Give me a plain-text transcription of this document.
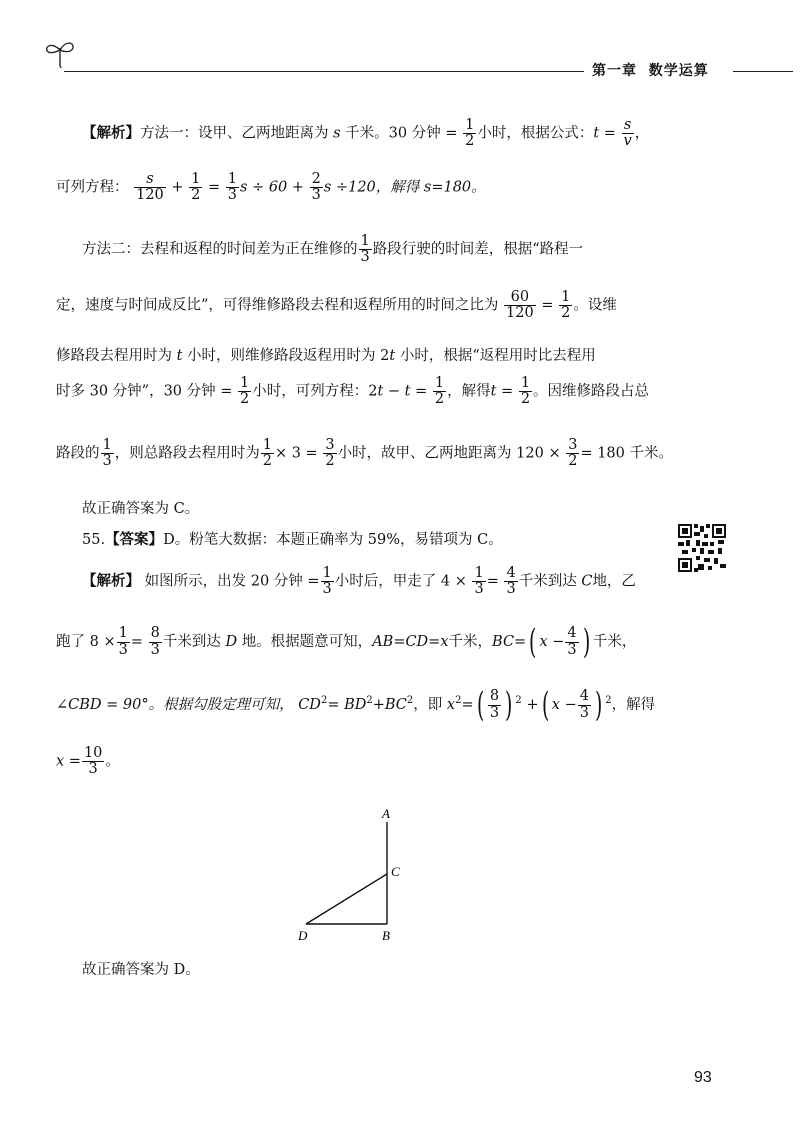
第一章 数学运算
【解析】方法一：设甲、乙两地距离为 s 千米。30 分钟 = $\frac{1}{2}$ 小时，根据公式：$t = \frac{s}{v}$ ，
可列方程： $\frac{s}{120} + \frac{1}{2} = \frac{1}{3}$ $s \div 60 + \frac{2}{3}$ s ÷120，解得 s=180。
方法二：去程和返程的时间差为正在维修的 $\frac{1}{3}$ 路段行驶的时间差，根据“路程一
定，速度与时间成反比”，可得维修路段去程和返程所用的时间之比为 $\frac{60}{120} = \frac{1}{2}$ 。设维
修路段去程用时为 t 小时，则维修路段返程用时为 2t 小时，根据“返程用时比去程用
时多 30 分钟”，30 分钟 = $\frac{1}{2}$ 小时，可列方程：$2t - t = \frac{1}{2}$ ，解得$t = \frac{1}{2}$ 。因维修路段占总
路段的 $\frac{1}{3}$ ，则总路段去程用时为 $\frac{1}{2} \times 3 = \frac{3}{2}$ 小时，故甲、乙两地距离为 $120 \times \frac{3}{2} = 180$ 千米。
故正确答案为 C。
55.【答案】D。粉笔大数据：本题正确率为 59%，易错项为 C。
【解析】 如图所示，出发 20 分钟 = $\frac{1}{3}$ 小时后，甲走了 $4 \times \frac{1}{3} = \frac{4}{3}$ 千米到达 C地，乙
跑了 $8 \times \frac{1}{3} = \frac{8}{3}$ 千米到达 D 地。根据题意可知，AB=CD=x千米，BC=( $x - \frac{4}{3}$ ) 千米，
∠CBD = 90°。根据勾股定理可知， $CD^2= BD^2+BC^2$，即 $x^2=( \frac{8}{3}$ ) $^2$ +( $x - \frac{4}{3}$ ) $^2$，解得
$x = \frac{10}{3}$ 。
A
C
D	B
故正确答案为 D。
93
